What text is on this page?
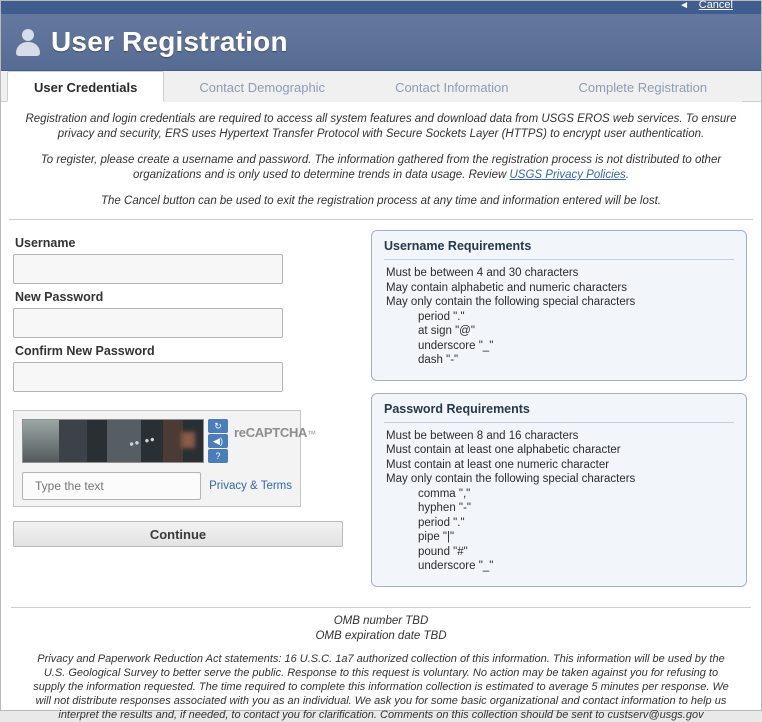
◄ Cancel
User Registration
User Credentials	Contact Demographic	Contact Information	Complete Registration

Registration and login credentials are required to access all system features and download data from USGS EROS web services. To ensure privacy and security, ERS uses Hypertext Transfer Protocol with Secure Sockets Layer (HTTPS) to encrypt user authentication.

To register, please create a username and password. The information gathered from the registration process is not distributed to other organizations and is only used to determine trends in data usage. Review USGS Privacy Policies.

The Cancel button can be used to exit the registration process at any time and information entered will be lost.

Username
New Password
Confirm New Password
•• ••
↻
◀)
?
reCAPTCHA™
Type the text
Privacy & Terms
Continue
Username Requirements
Must be between 4 and 30 characters
May contain alphabetic and numeric characters
May only contain the following special characters
period "."
at sign "@"
underscore "_"
dash "-"
Password Requirements
Must be between 8 and 16 characters
Must contain at least one alphabetic character
Must contain at least one numeric character
May only contain the following special characters
comma ","
hyphen "-"
period "."
pipe "|"
pound "#"
underscore "_"
OMB number TBD
OMB expiration date TBD
Privacy and Paperwork Reduction Act statements: 16 U.S.C. 1a7 authorized collection of this information. This information will be used by the U.S. Geological Survey to better serve the public. Response to this request is voluntary. No action may be taken against you for refusing to supply the information requested. The time required to complete this information collection is estimated to average 5 minutes per response. We will not distribute responses associated with you as an individual. We ask you for some basic organizational and contact information to help us interpret the results and, if needed, to contact you for clarification. Comments on this collection should be sent to custserv@usgs.gov
